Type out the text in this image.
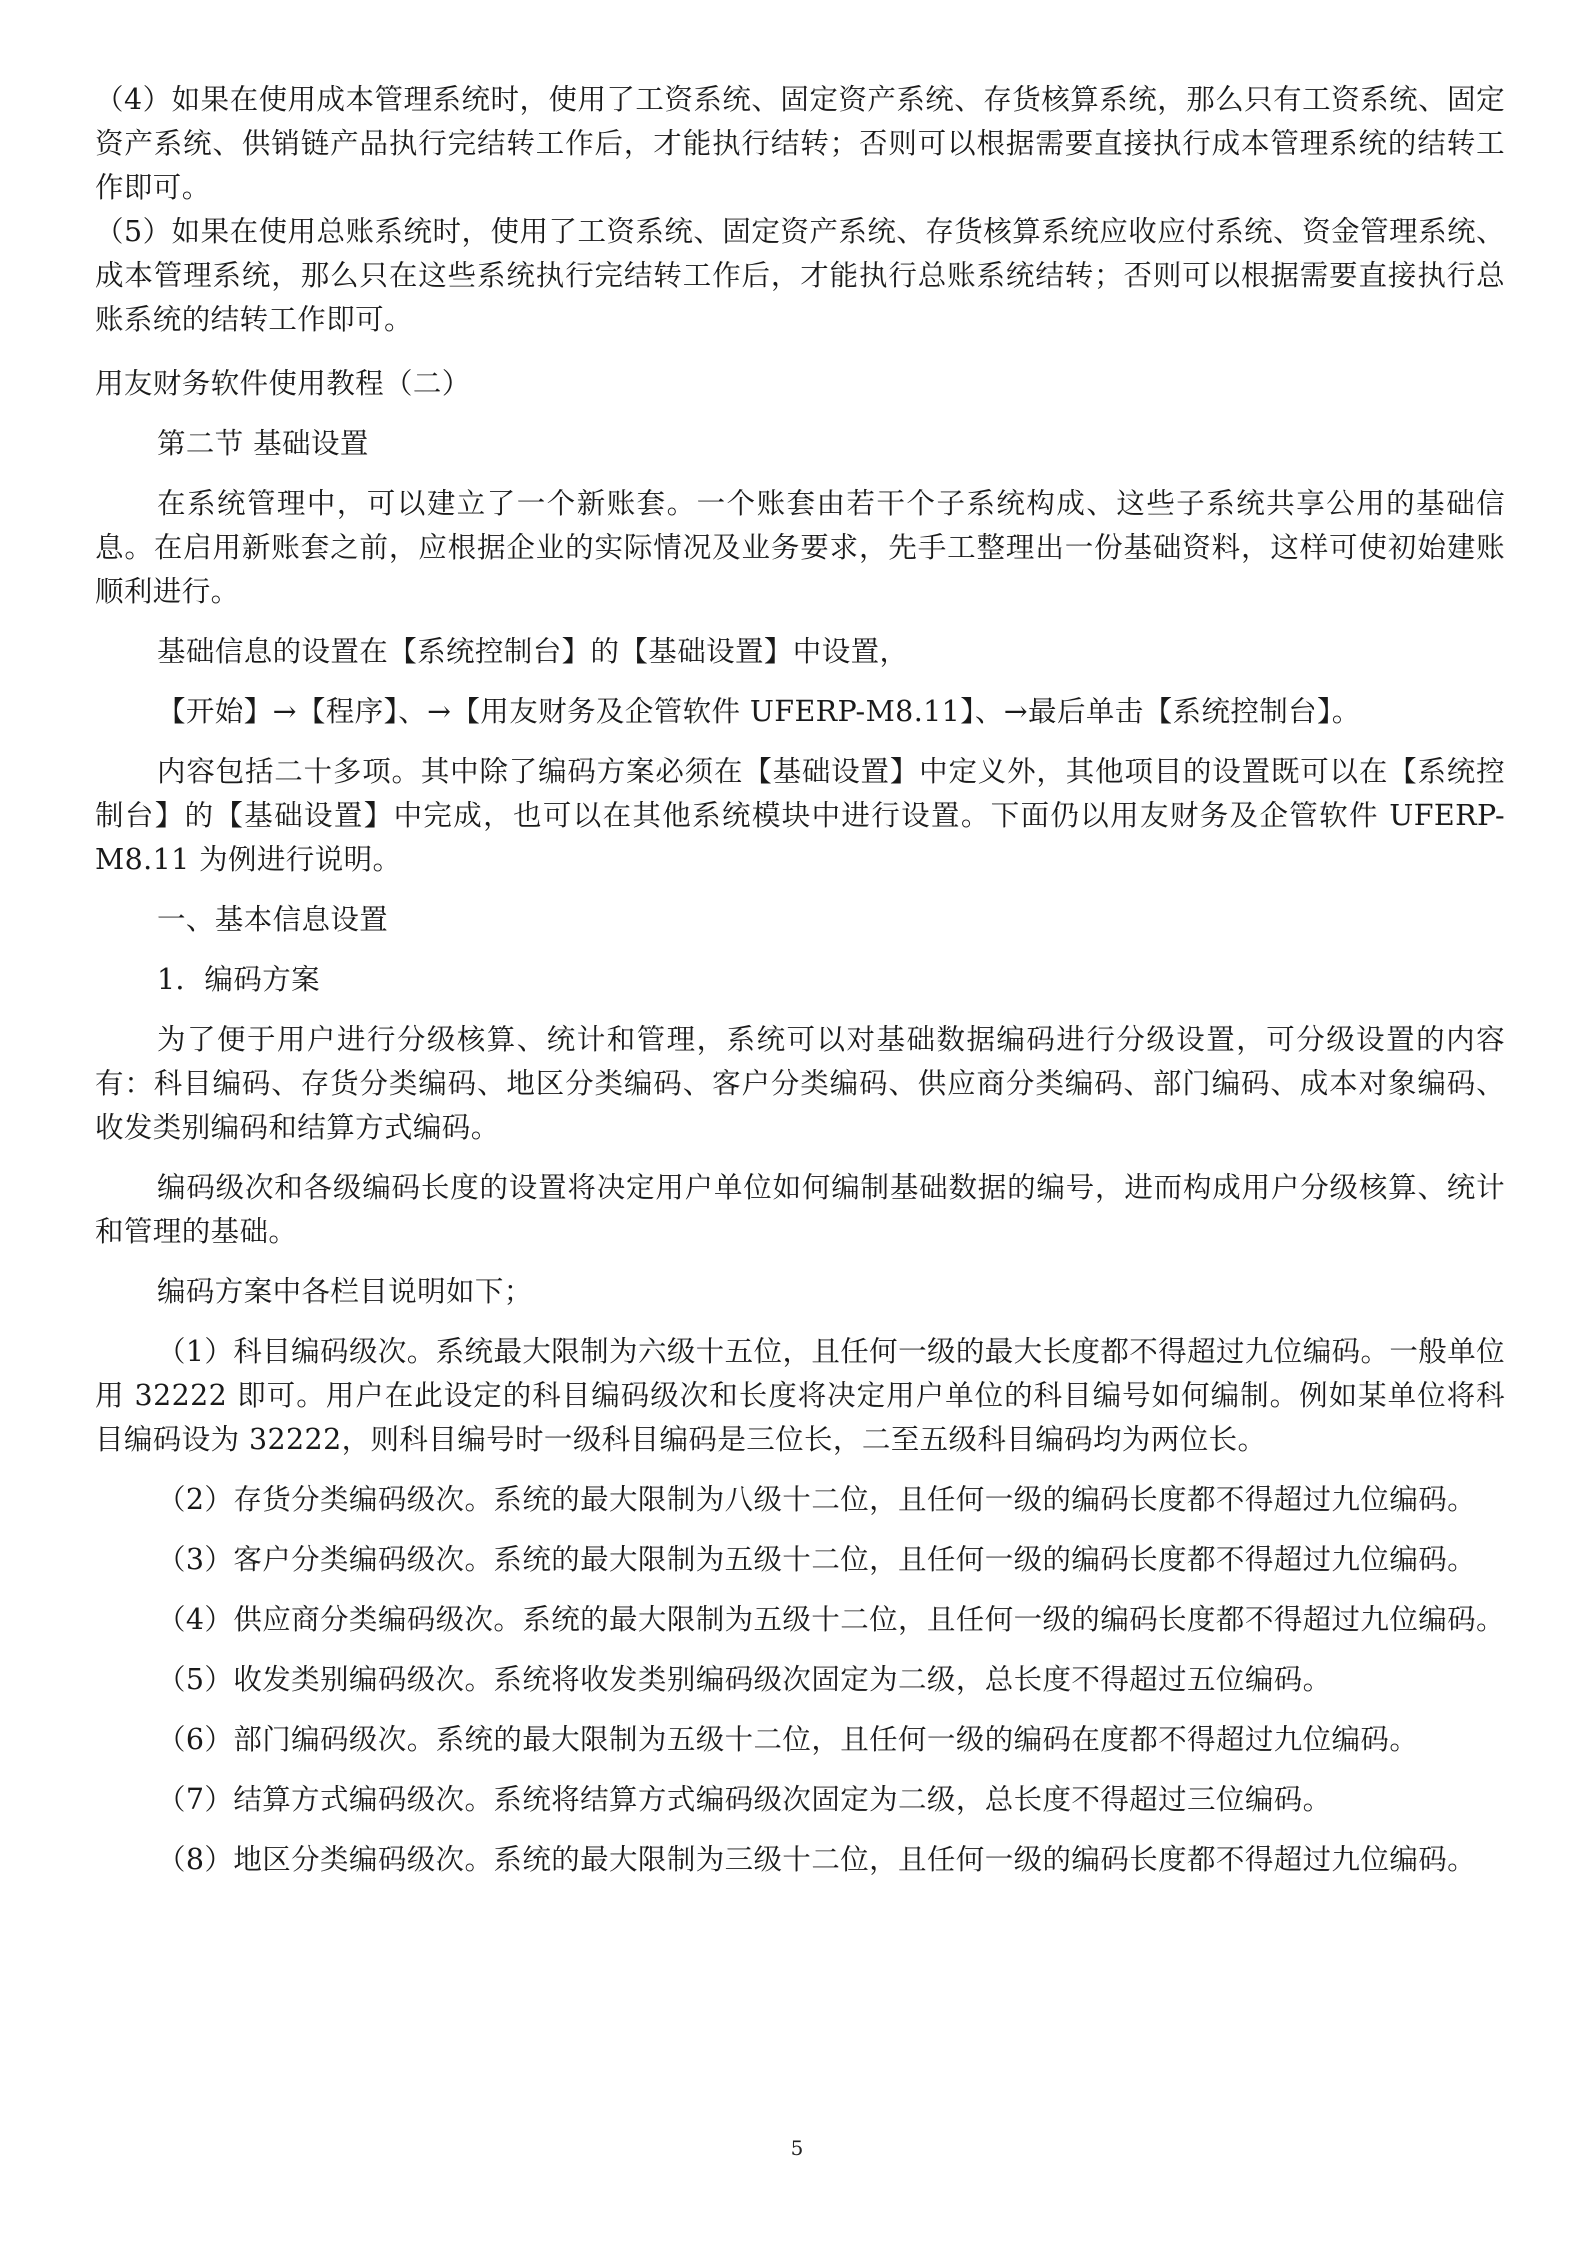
（4）如果在使用成本管理系统时，使用了工资系统、固定资产系统、存货核算系统，那么只有工资系统、固定资产系统、供销链产品执行完结转工作后，才能执行结转；否则可以根据需要直接执行成本管理系统的结转工作即可。

（5）如果在使用总账系统时，使用了工资系统、固定资产系统、存货核算系统应收应付系统、资金管理系统、成本管理系统，那么只在这些系统执行完结转工作后，才能执行总账系统结转；否则可以根据需要直接执行总账系统的结转工作即可。

用友财务软件使用教程（二）

第二节 基础设置

在系统管理中，可以建立了一个新账套。一个账套由若干个子系统构成、这些子系统共享公用的基础信息。在启用新账套之前，应根据企业的实际情况及业务要求，先手工整理出一份基础资料，这样可使初始建账顺利进行。

基础信息的设置在【系统控制台】的【基础设置】中设置，

【开始】→【程序】、→【用友财务及企管软件 UFERP-M8.11】、→最后单击【系统控制台】。

内容包括二十多项。其中除了编码方案必须在【基础设置】中定义外，其他项目的设置既可以在【系统控制台】的【基础设置】中完成，也可以在其他系统模块中进行设置。下面仍以用友财务及企管软件 UFERP-M8.11 为例进行说明。

一、基本信息设置

1．编码方案

为了便于用户进行分级核算、统计和管理，系统可以对基础数据编码进行分级设置，可分级设置的内容有：科目编码、存货分类编码、地区分类编码、客户分类编码、供应商分类编码、部门编码、成本对象编码、收发类别编码和结算方式编码。

编码级次和各级编码长度的设置将决定用户单位如何编制基础数据的编号，进而构成用户分级核算、统计和管理的基础。

编码方案中各栏目说明如下；

（1）科目编码级次。系统最大限制为六级十五位，且任何一级的最大长度都不得超过九位编码。一般单位用 32222 即可。用户在此设定的科目编码级次和长度将决定用户单位的科目编号如何编制。例如某单位将科目编码设为 32222，则科目编号时一级科目编码是三位长，二至五级科目编码均为两位长。

（2）存货分类编码级次。系统的最大限制为八级十二位，且任何一级的编码长度都不得超过九位编码。

（3）客户分类编码级次。系统的最大限制为五级十二位，且任何一级的编码长度都不得超过九位编码。

（4）供应商分类编码级次。系统的最大限制为五级十二位，且任何一级的编码长度都不得超过九位编码。

（5）收发类别编码级次。系统将收发类别编码级次固定为二级，总长度不得超过五位编码。

（6）部门编码级次。系统的最大限制为五级十二位，且任何一级的编码在度都不得超过九位编码。

（7）结算方式编码级次。系统将结算方式编码级次固定为二级，总长度不得超过三位编码。

（8）地区分类编码级次。系统的最大限制为三级十二位，且任何一级的编码长度都不得超过九位编码。

5
